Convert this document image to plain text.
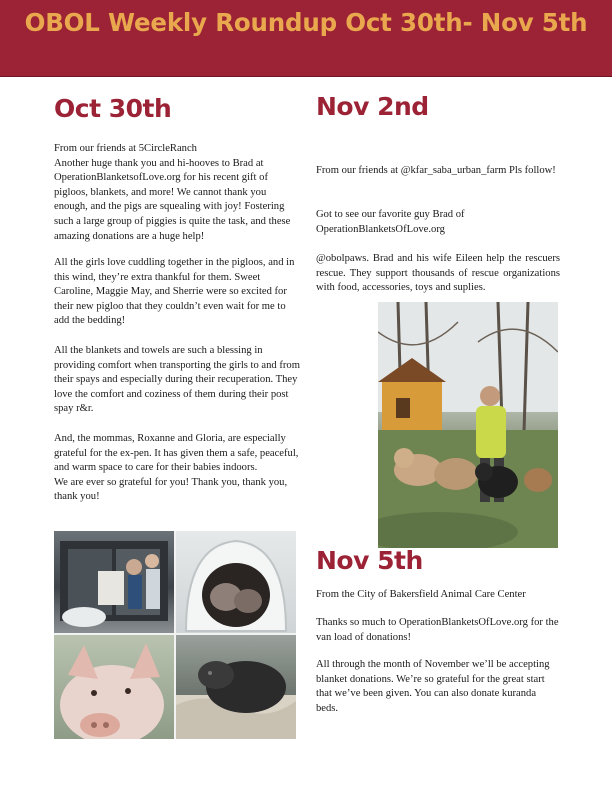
OBOL Weekly Roundup Oct 30th- Nov 5th
Oct 30th

From our friends at 5CircleRanch
Another huge thank you and hi-hooves to Brad at OperationBlanketsofLove.org for his recent gift of pigloos, blankets, and more! We cannot thank you enough, and the pigs are squealing with joy! Fostering such a large group of piggies is quite the task, and these amazing donations are a huge help!

All the girls love cuddling together in the pigloos, and in this wind, they’re extra thankful for them. Sweet Caroline, Maggie May, and Sherrie were so excited for their new pigloo that they couldn’t even wait for me to add the bedding!

All the blankets and towels are such a blessing in providing comfort when transporting the girls to and from their spays and especially during their recuperation. They love the comfort and coziness of them during their post spay r&r.

And, the mommas, Roxanne and Gloria, are especially grateful for the ex-pen. It has given them a safe, peaceful, and warm space to care for their babies indoors.
We are ever so grateful for you! Thank you, thank you, thank you!

Nov 2nd

From our friends at @kfar_saba_urban_farm Pls follow!

Got to see our favorite guy Brad of OperationBlanketsOfLove.org

@obolpaws. Brad and his wife Eileen help the rescuers rescue. They support thousands of rescue organizations with food, accessories, toys and suplies.

Nov 5th

From the City of Bakersfield Animal Care Center

Thanks so much to OperationBlanketsOfLove.org for the van load of donations!

All through the month of November we’ll be accepting blanket donations. We’re so grateful for the great start that we’ve been given. You can also donate kuranda beds.
